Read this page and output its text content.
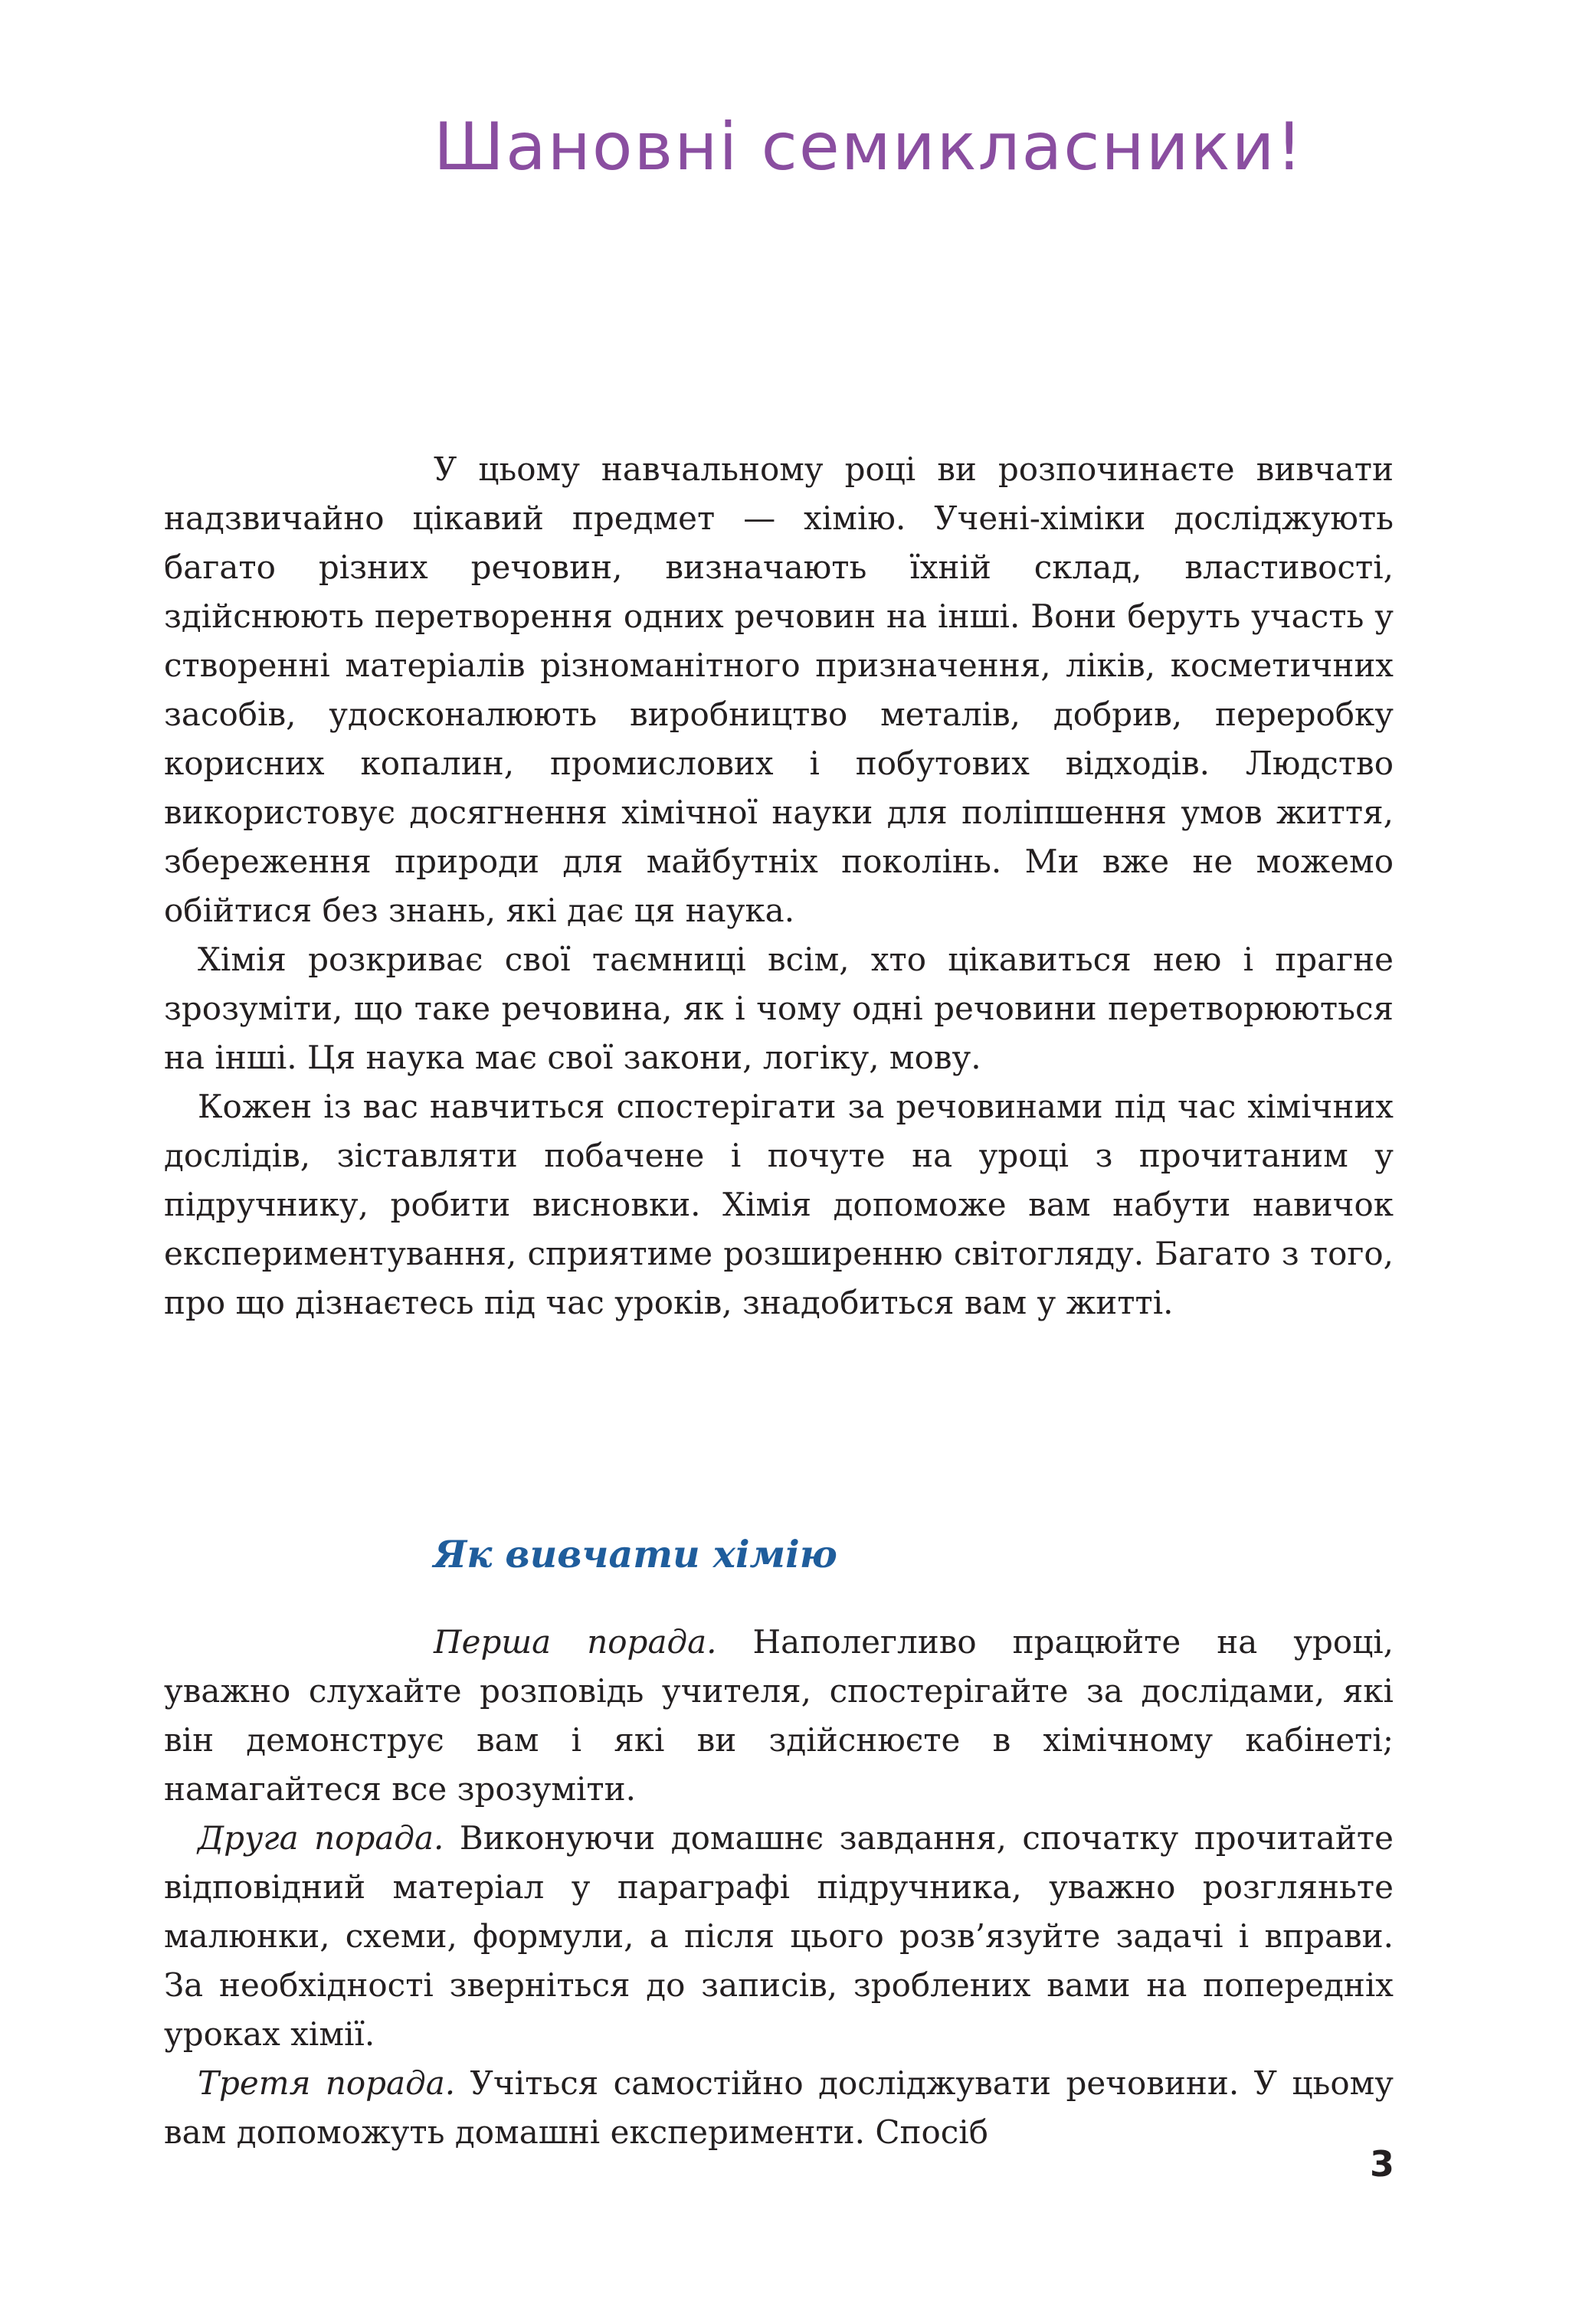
Шановні семикласники!

У цьому навчальному році ви розпочинаєте вивчати надзвичайно цікавий предмет — хімію. Учені-хіміки досліджують багато різних речовин, визначають їхній склад, властивості, здійснюють перетворення одних речовин на інші. Вони беруть участь у створенні матеріалів різноманітного призначення, ліків, косметичних засобів, удосконалюють виробництво металів, добрив, переробку корисних копалин, промислових і побутових відходів. Людство використовує досягнення хімічної науки для поліпшення умов життя, збереження природи для майбутніх поколінь. Ми вже не можемо обійтися без знань, які дає ця наука.

Хімія розкриває свої таємниці всім, хто цікавиться нею і прагне зрозуміти, що таке речовина, як і чому одні речовини перетворюються на інші. Ця наука має свої закони, логіку, мову.

Кожен із вас навчиться спостерігати за речовинами під час хімічних дослідів, зіставляти побачене і почуте на уроці з прочитаним у підручнику, робити висновки. Хімія допоможе вам набути навичок експериментування, сприятиме розширенню світогляду. Багато з того, про що дізнаєтесь під час уроків, знадобиться вам у житті.

Як вивчати хімію

Перша порада. Наполегливо працюйте на уроці, уважно слухайте розповідь учителя, спостерігайте за дослідами, які він демонструє вам і які ви здійснюєте в хімічному кабінеті; намагайтеся все зрозуміти.

Друга порада. Виконуючи домашнє завдання, спочатку прочитайте відповідний матеріал у параграфі підручника, уважно розгляньте малюнки, схеми, формули, а після цього розв’язуйте задачі і вправи. За необхідності зверніться до записів, зроблених вами на попередніх уроках хімії.

Третя порада. Учіться самостійно досліджувати речовини. У цьому вам допоможуть домашні експерименти. Спосіб

3
